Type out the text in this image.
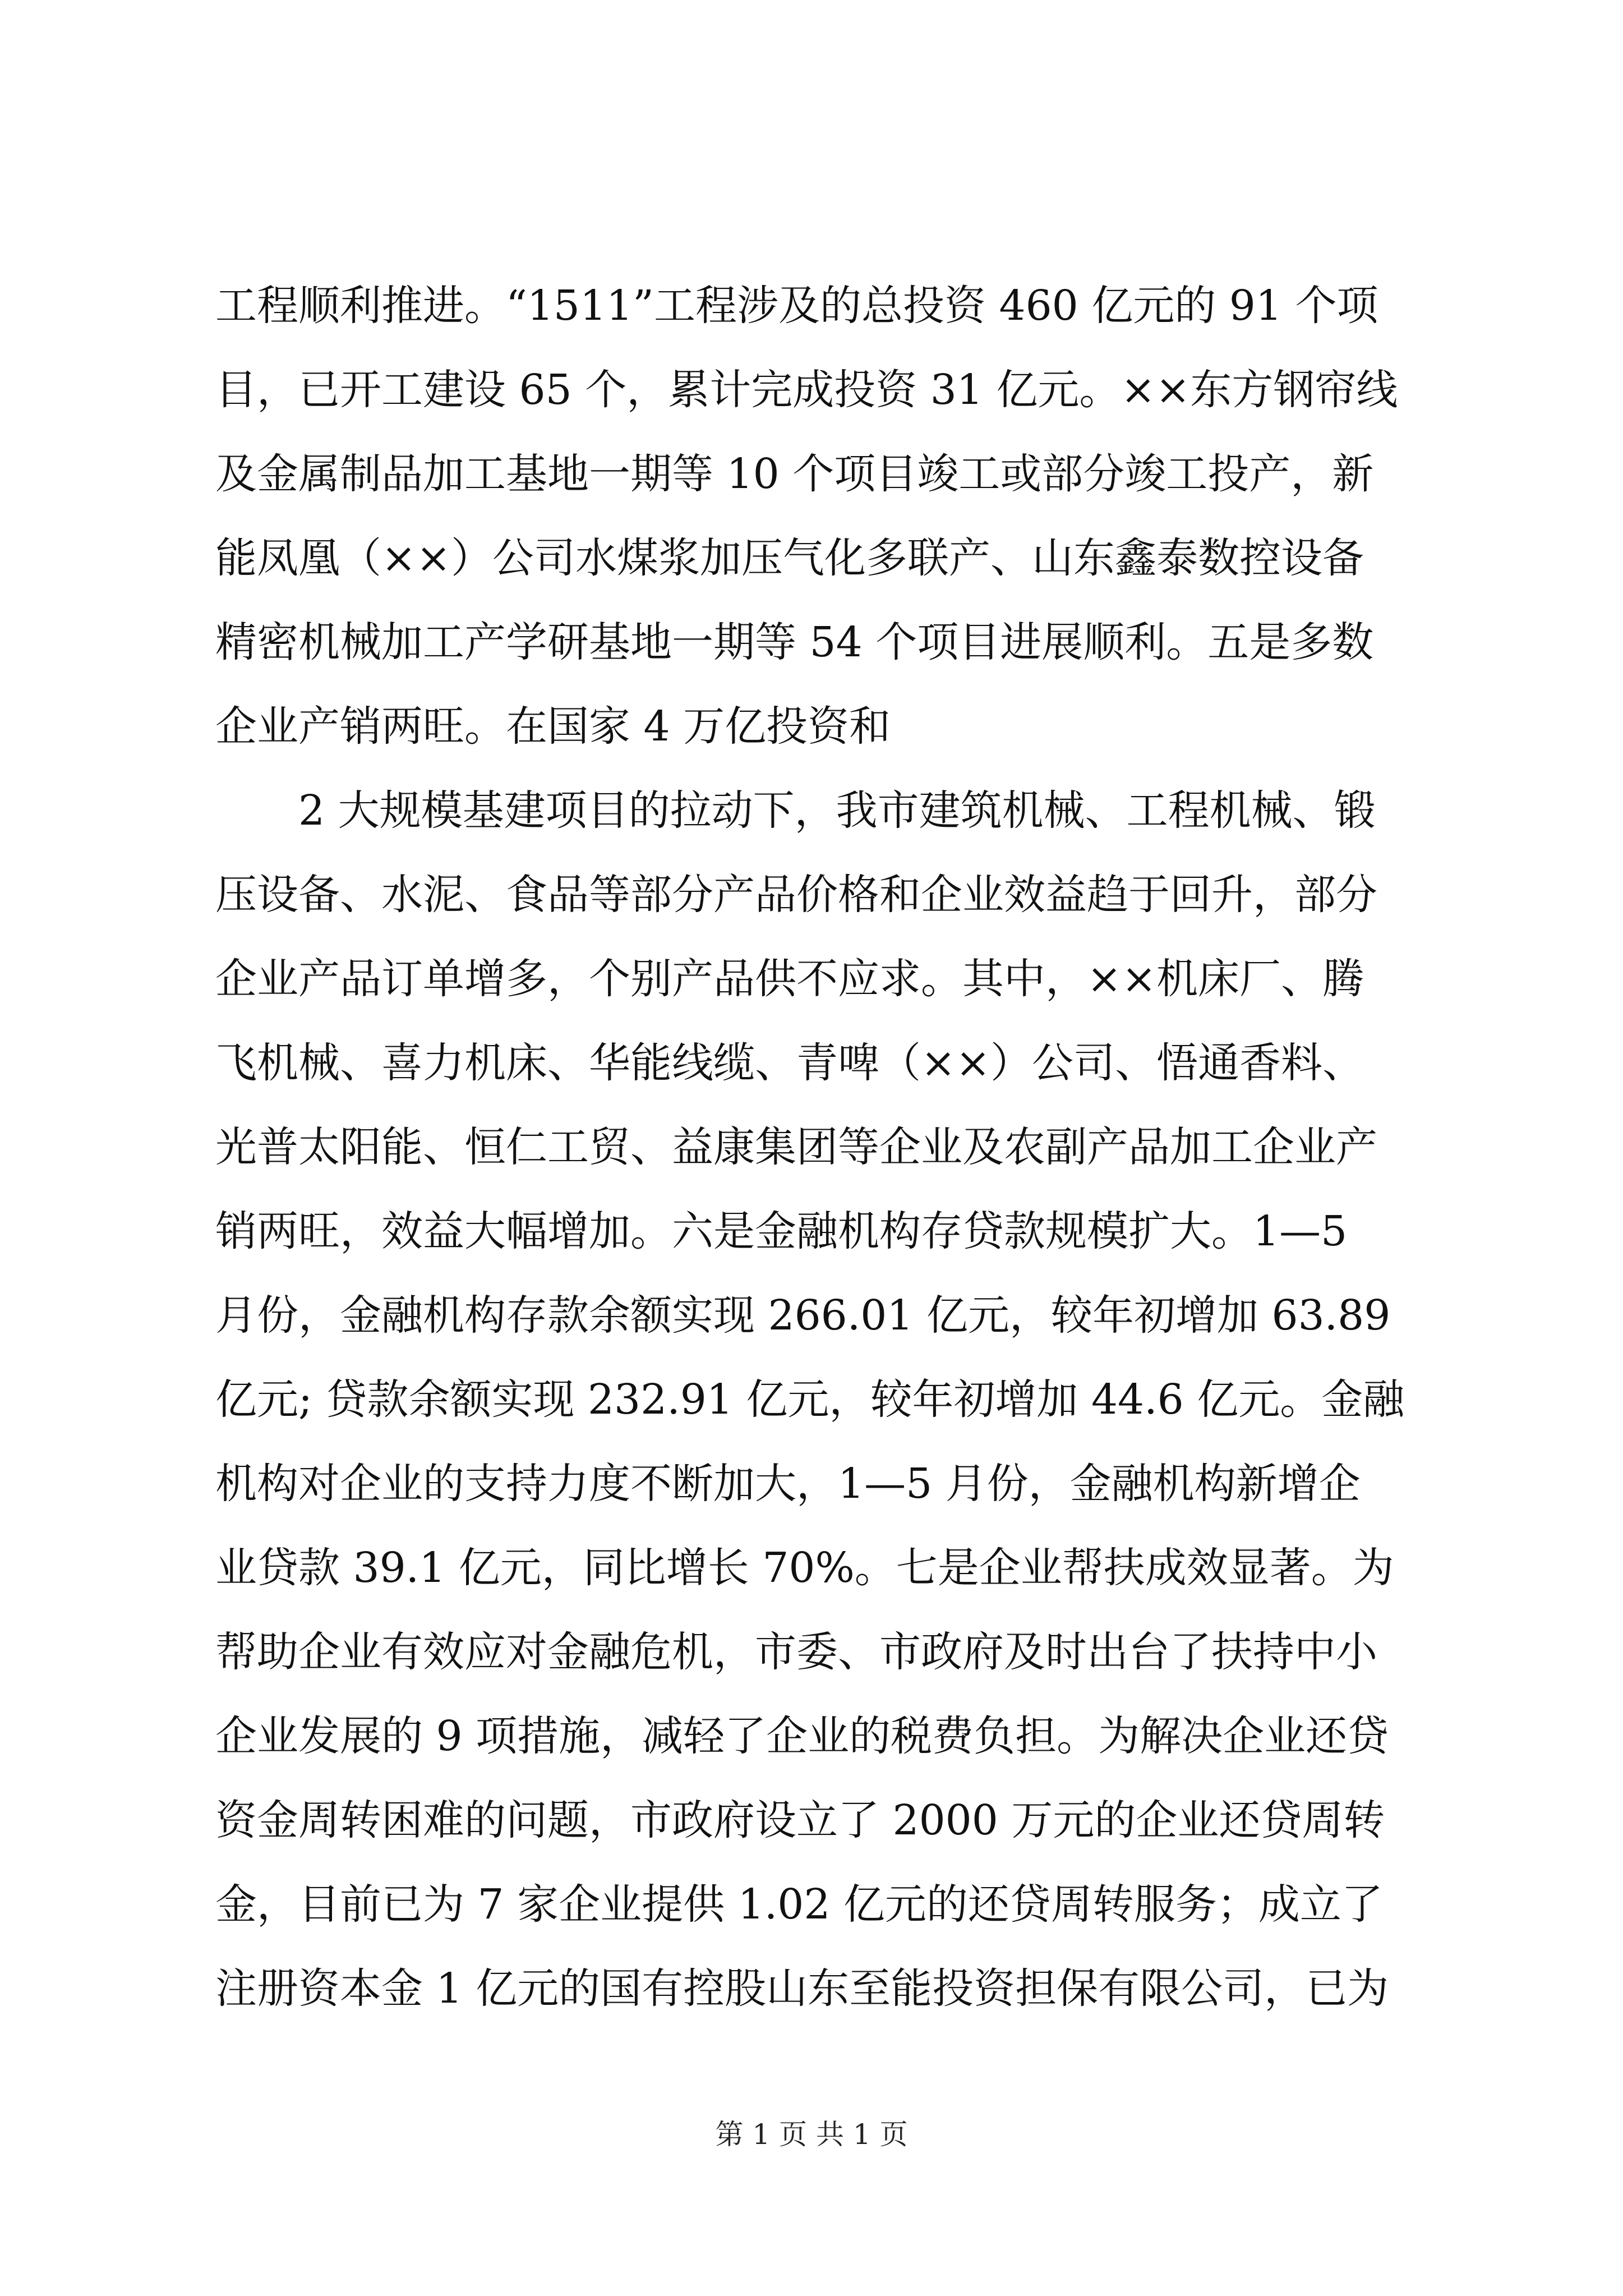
工程顺利推进。“1511”工程涉及的总投资 460 亿元的 91 个项
目，已开工建设 65 个，累计完成投资 31 亿元。××东方钢帘线
及金属制品加工基地一期等 10 个项目竣工或部分竣工投产，新
能凤凰（××）公司水煤浆加压气化多联产、山东鑫泰数控设备
精密机械加工产学研基地一期等 54 个项目进展顺利。五是多数
企业产销两旺。在国家 4 万亿投资和
2 大规模基建项目的拉动下，我市建筑机械、工程机械、锻
压设备、水泥、食品等部分产品价格和企业效益趋于回升，部分
企业产品订单增多，个别产品供不应求。其中，××机床厂、腾
飞机械、喜力机床、华能线缆、青啤（××）公司、悟通香料、
光普太阳能、恒仁工贸、益康集团等企业及农副产品加工企业产
销两旺，效益大幅增加。六是金融机构存贷款规模扩大。1—5
月份，金融机构存款余额实现 266.01 亿元，较年初增加 63.89
亿元; 贷款余额实现 232.91 亿元，较年初增加 44.6 亿元。金融
机构对企业的支持力度不断加大，1—5 月份，金融机构新增企
业贷款 39.1 亿元，同比增长 70%。七是企业帮扶成效显著。为
帮助企业有效应对金融危机，市委、市政府及时出台了扶持中小
企业发展的 9 项措施，减轻了企业的税费负担。为解决企业还贷
资金周转困难的问题，市政府设立了 2000 万元的企业还贷周转
金，目前已为 7 家企业提供 1.02 亿元的还贷周转服务；成立了
注册资本金 1 亿元的国有控股山东至能投资担保有限公司，已为
第 1 页 共 1 页
